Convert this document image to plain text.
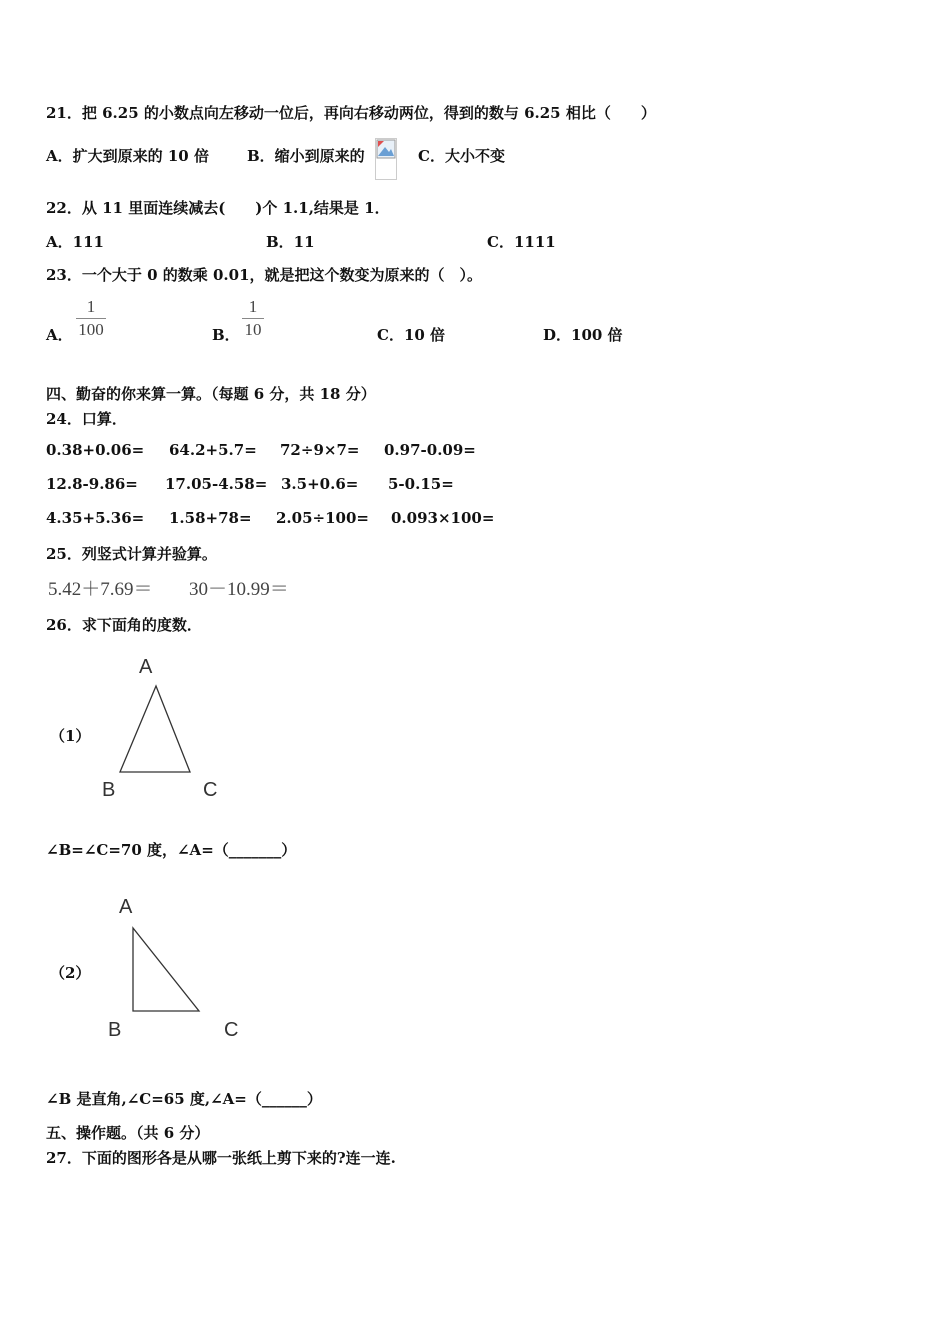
21．把 6.25 的小数点向左移动一位后，再向右移动两位，得到的数与 6.25 相比（　　）
A．扩大到原来的 10 倍	B．缩小到原来的	C．大小不变
22．从 11 里面连续减去(　　)个 1.1,结果是 1．
A．111	B．11	C．1111
23．一个大于 0 的数乘 0.01，就是把这个数变为原来的（　）。
A．
1
100	B．
1
10	C．10 倍	D．100 倍
四、勤奋的你来算一算。（每题 6 分，共 18 分）
24．口算．
0.38+0.06= 64.2+5.7= 72÷9×7= 0.97-0.09=
12.8-9.86= 17.05-4.58= 3.5+0.6= 5-0.15=
4.35+5.36= 1.58+78= 2.05÷100= 0.093×100=
25．列竖式计算并验算。
5.42＋7.69＝ 30－10.99＝
26．求下面角的度数．
（1）
A
B	C
∠B=∠C=70 度，∠A=（_______）
（2）
A
B	C
∠B 是直角,∠C=65 度,∠A=（______）
五、操作题。（共 6 分）
27．下面的图形各是从哪一张纸上剪下来的?连一连.
